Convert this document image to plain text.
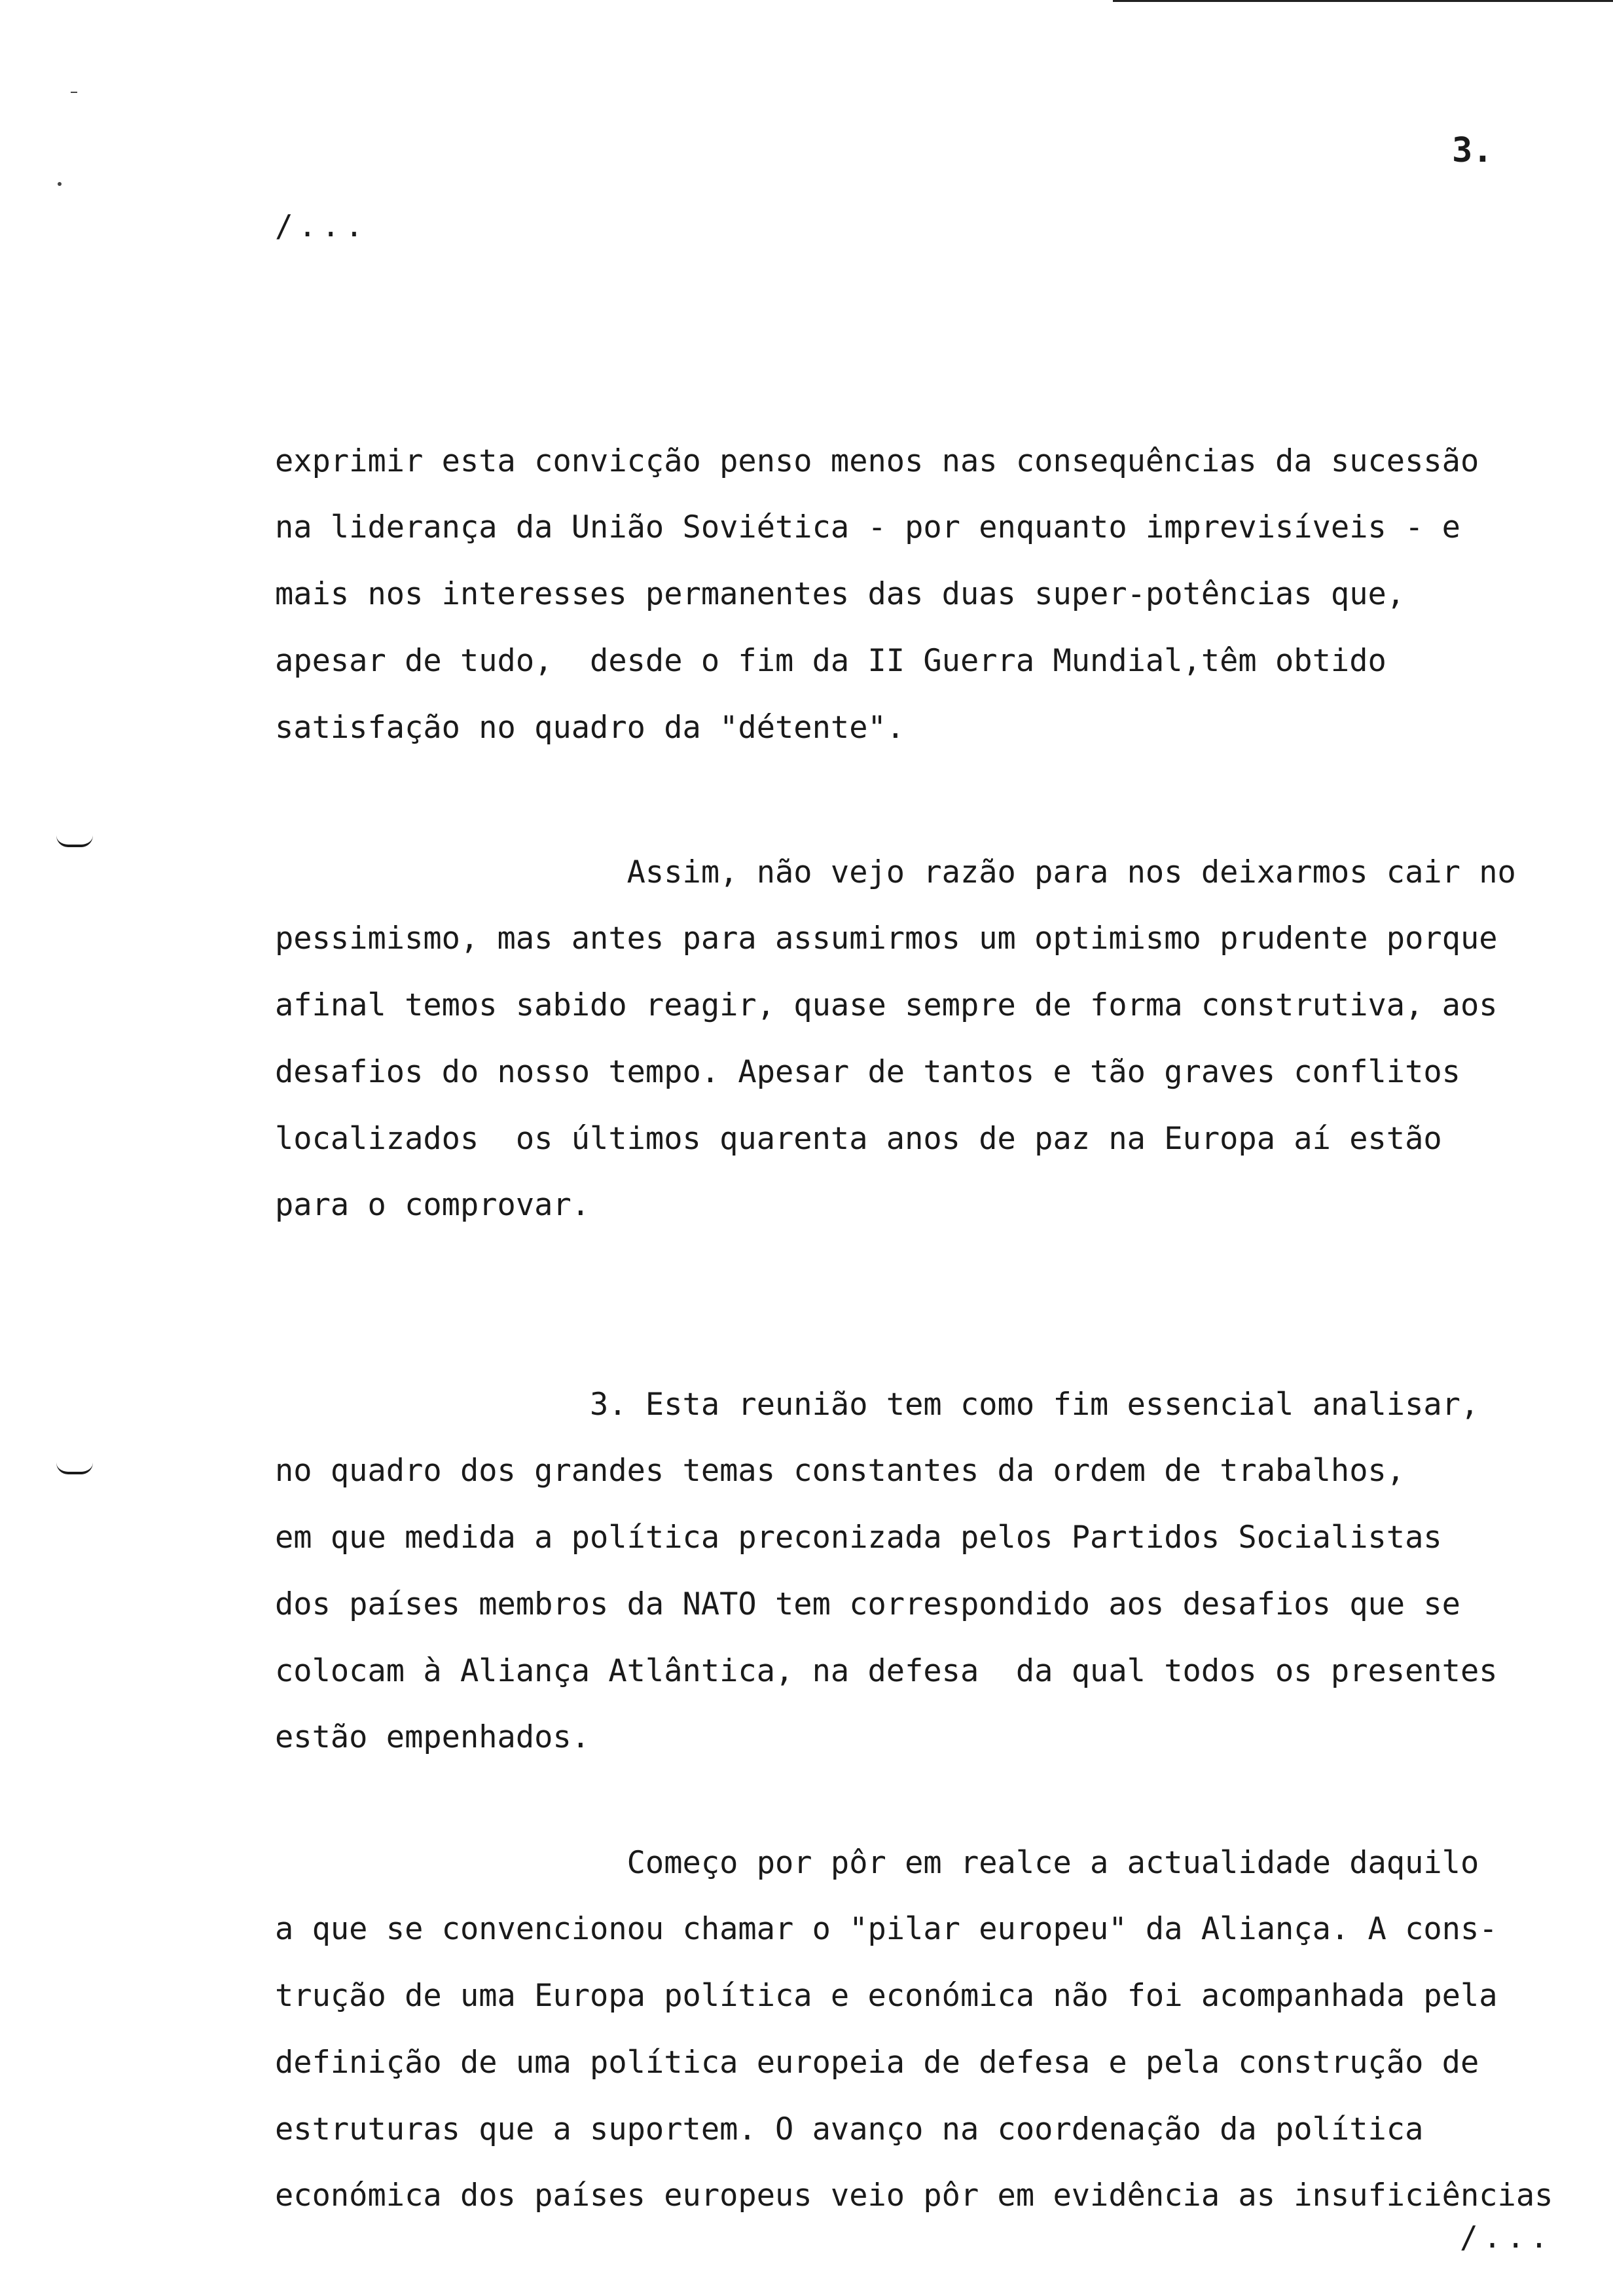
3.
/...

exprimir esta convicção penso menos nas consequências da sucessão
na liderança da União Soviética - por enquanto imprevisíveis - e
mais nos interesses permanentes das duas super-potências que,
apesar de tudo,  desde o fim da II Guerra Mundial,têm obtido
satisfação no quadro da "détente".

Assim, não vejo razão para nos deixarmos cair no
pessimismo, mas antes para assumirmos um optimismo prudente porque
afinal temos sabido reagir, quase sempre de forma construtiva, aos
desafios do nosso tempo. Apesar de tantos e tão graves conflitos
localizados  os últimos quarenta anos de paz na Europa aí estão
para o comprovar.

3. Esta reunião tem como fim essencial analisar,
no quadro dos grandes temas constantes da ordem de trabalhos,
em que medida a política preconizada pelos Partidos Socialistas
dos países membros da NATO tem correspondido aos desafios que se
colocam à Aliança Atlântica, na defesa  da qual todos os presentes
estão empenhados.

Começo por pôr em realce a actualidade daquilo
a que se convencionou chamar o "pilar europeu" da Aliança. A cons-
trução de uma Europa política e económica não foi acompanhada pela
definição de uma política europeia de defesa e pela construção de
estruturas que a suportem. O avanço na coordenação da política
económica dos países europeus veio pôr em evidência as insuficiências

/...
